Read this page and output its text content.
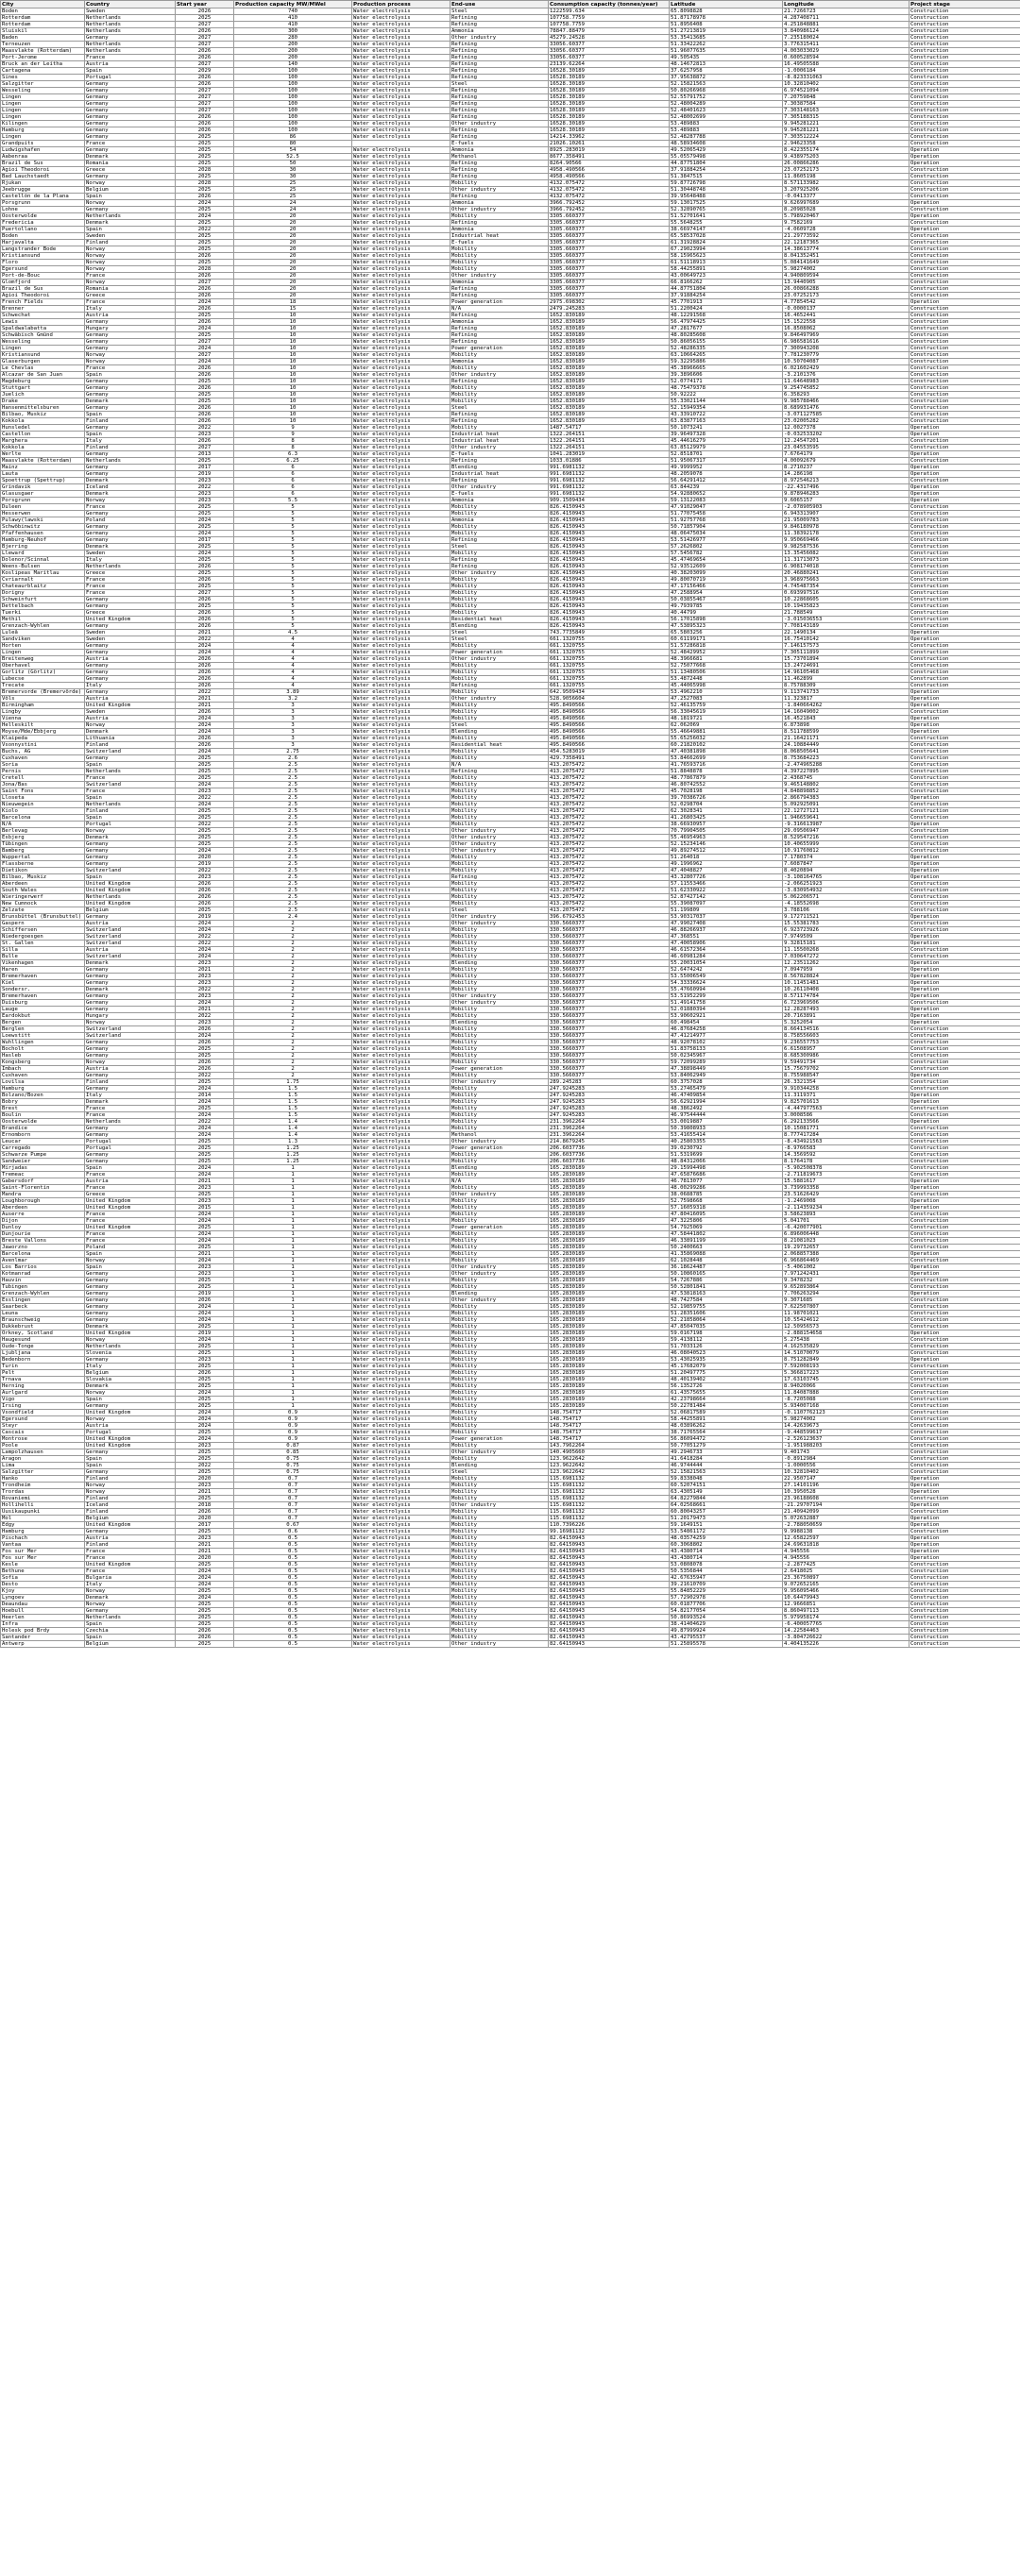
City	Country	Start year	Production capacity MW/MWel	Production process	End-use	Consumption capacity (tonnes/year)	Latitude	Longitude	Project stage
Boden	Sweden	2026	740	Water electrolysis	Steel	1222599.634	65.8098828	21.7266723	Construction
Rotterdam	Netherlands	2025	410	Water electrolysis	Refining	107758.7759	51.87178978	4.287408711	Construction
Rotterdam	Netherlands	2027	410	Water electrolysis	Refining	107758.7759	51.8956408	4.251848881	Construction
Sluiskil	Netherlands	2026	300	Water electrolysis	Ammonia	78847.88479	51.27213819	3.840986124	Construction
Baden	Germany	2027	280	Water electrolysis	Other industry	45279.24528	53.35413685	7.235180024	Construction
Terneuzen	Netherlands	2027	200	Water electrolysis	Refining	33056.60377	51.33422262	3.776315411	Construction
Maasvlakte (Rotterdam)	Netherlands	2026	200	Water electrolysis	Refining	33056.60377	51.96077635	4.003033029	Construction
Port-Jerome	France	2026	200	Water electrolysis	Refining	33056.60377	49.505435	0.600528594	Construction
Bruck an der Leitha	Austria	2027	140	Water electrolysis	Refining	23139.62264	48.14672813	16.49505588	Construction
Cartagena	Spain	2029	100	Water electrolysis	Refining	16528.30189	37.6257958	-1.0006184	Construction
Sines	Portugal	2026	100	Water electrolysis	Refining	16528.30189	37.95638872	-8.823331063	Construction
Salzgitter	Germany	2026	100	Water electrolysis	Steel	16528.30189	52.15821563	10.32810402	Construction
Wesseling	Germany	2027	100	Water electrolysis	Refining	16528.30189	50.80266968	6.974521094	Construction
Lingen	Germany	2027	100	Water electrolysis	Refining	16528.30189	52.55791752	7.20759848	Construction
Lingen	Germany	2027	100	Water electrolysis	Refining	16528.30189	52.48004289	7.30387584	Construction
Lingen	Germany	2027	100	Water electrolysis	Refining	16528.30189	52.48401623	7.303148163	Construction
Lingen	Germany	2026	100	Water electrolysis	Refining	16528.30189	52.48002699	7.305188315	Construction
Kilingen	Germany	2026	100	Water electrolysis	Other industry	16528.30189	53.489883	9.945281221	Construction
Hamburg	Germany	2026	100	Water electrolysis	Refining	16528.30189	53.489883	9.945281221	Construction
Lingen	Germany	2025	86	Water electrolysis	Refining	14214.33962	52.48287788	7.303512224	Construction
Grandpuits	France	2025	80		E-fuels	21026.10261	48.58934608	2.94623358	Construction
Ludwigshafen	Germany	2025	54	Water electrolysis	Ammonia	8925.283019	49.52065429	8.422355174	Operation
Aabenraa	Denmark	2025	52.5	Water electrolysis	Methanol	8677.358491	55.05579498	9.438975203	Operation
Brazil de Sus	Romania	2025	50	Water electrolysis	Refining	8264.90566	44.87751804	26.00866286	Operation
Agioi Theodoroi	Greece	2028	30	Water electrolysis	Refining	4958.490566	37.91884254	23.07252173	Construction
Bad Lauchstaedt	Germany	2025	30	Water electrolysis	Refining	4958.490566	51.3847515	11.8605198	Construction
Rjukan	Norway	2028	25	Water electrolysis	Mobility	4132.075472	59.87726798	8.571133982	Construction
Jeebrugge	Belgium	2025	25	Water electrolysis	Other industry	4132.075472	51.30448748	3.207925206	Construction
Castellón de la Plana	Spain	2026	25	Water electrolysis	Refining	4132.075472	39.95648488	-0.0413377	Construction
Porsgrunn	Norway	2024	24	Water electrolysis	Ammonia	3966.792452	59.13017525	9.626997689	Operation
Lohne	Germany	2025	24	Water electrolysis	Other industry	3966.792452	52.32890765	8.20985028	Construction
Oosterwolde	Netherlands	2024	20	Water electrolysis	Mobility	3305.660377	51.52701641	5.798920467	Operation
Fredericia	Denmark	2025	20	Water electrolysis	Refining	3305.660377	55.5648255	9.7582169	Construction
Puertollano	Spain	2022	20	Water electrolysis	Ammonia	3305.660377	38.66974147	-4.0609728	Operation
Boden	Sweden	2025	20	Water electrolysis	Industrial heat	3305.660377	65.58537028	21.29773592	Construction
Harjavalta	Finland	2025	20	Water electrolysis	E-fuels	3305.660377	61.31928824	22.12187365	Construction
Langstrander Bode	Norway	2025	20	Water electrolysis	Mobility	3305.660377	67.29023994	14.38613774	Construction
Kristiansund	Norway	2026	20	Water electrolysis	Mobility	3305.660377	58.15965623	8.041352451	Construction
Floro	Norway	2025	20	Water electrolysis	Mobility	3305.660377	61.51118913	5.084141649	Construction
Egersund	Norway	2028	20	Water electrolysis	Mobility	3305.660377	58.44255891	5.98274002	Construction
Port-de-Bouc	France	2026	20	Water electrolysis	Other industry	3305.660377	43.00649723	4.940809594	Construction
Glomfjord	Norway	2027	20	Water electrolysis	Ammonia	3305.660377	66.8166262	13.9440905	Construction
Brazil de Sus	Romania	2026	20	Water electrolysis	Refining	3305.660377	44.87751804	26.00866288	Construction
Agioi Theodoroi	Greece	2026	20	Water electrolysis	Refining	3305.660377	37.91884254	23.07252173	Construction
French Fields	France	2024	18	Water electrolysis	Power generation	2975.698302	45.7701913	4.77854542	Operation
Brenner	Italy	2026	15	Water electrolysis	N/A	2479.245283	51.2200424	-0.0000137	Construction
Schwechat	Austria	2025	10	Water electrolysis	Refining	1652.830189	48.12291568	16.4652441	Construction
Lewis	Germany	2026	10	Water electrolysis	Ammonia	1652.830189	56.47974425	15.1522558	Construction
Spaldwalabatta	Hungary	2024	10	Water electrolysis	Refining	1652.830189	47.2817677	16.8508062	Construction
Schwäbisch Gmünd	Germany	2025	10	Water electrolysis	Refining	1652.830189	48.80285608	9.846497969	Construction
Wesseling	Germany	2027	10	Water electrolysis	Refining	1652.830189	50.86056155	6.986581616	Construction
Lingen	Germany	2024	10	Water electrolysis	Power generation	1652.830189	52.48286335	7.300943208	Construction
Kristiansund	Norway	2027	10	Water electrolysis	Mobility	1652.830189	63.10664265	7.781230779	Construction
Glaserburgen	Norway	2024	10	Water electrolysis	Ammonia	1652.830189	59.32295886	10.50704087	Construction
Le Chevlas	France	2026	10	Water electrolysis	Mobility	1652.830189	45.38966665	6.021602429	Construction
Alcazar de San Juan	Spain	2026	10	Water electrolysis	Other industry	1652.830189	39.3896606	-3.2101376	Construction
Magdeburg	Germany	2025	10	Water electrolysis	Refining	1652.830189	52.0774171	11.64648983	Construction
Stuttgart	Germany	2026	10	Water electrolysis	Mobility	1652.830189	48.75479378	9.254745852	Construction
Juelich	Germany	2025	10	Water electrolysis	Mobility	1652.830189	50.92222	6.358293	Construction
Drake	Denmark	2025	10	Water electrolysis	Mobility	1652.830189	55.33021144	9.985788466	Construction
Hansenmittelsburen	Germany	2026	10	Water electrolysis	Steel	1652.830189	52.15949354	8.689931476	Construction
Bilbao, Muskiz	Spain	2026	10	Water electrolysis	Refining	1652.830189	43.33910722	-3.071127585	Construction
Kokkola	Finland	2026	10	Water electrolysis	Refining	1652.830189	63.83877163	23.02005282	Construction
Hunsledel	Germany	2022	9	Water electrolysis	Mobility	1487.54717	50.1073241	12.0027378	Operation
Castellon	Spain	2023	9	Water electrolysis	Industrial heat	1322.264151	39.96497328	-0.032533202	Operation
Marghera	Italy	2026	8	Water electrolysis	Industrial heat	1322.264151	45.44616279	12.24547201	Construction
Kokkola	Finland	2027	8	Water electrolysis	Other industry	1322.264151	63.85129979	23.04553595	Construction
Werlte	Germany	2013	6.3	Water electrolysis	E-fuels	1041.283019	52.8518701	7.6764179	Operation
Maasvlakte (Rotterdam)	Netherlands	2025	6.25	Water electrolysis	Refining	1033.01886	51.95067317	4.00092679	Construction
Mainz	Germany	2017	6	Water electrolysis	Blending	991.6981132	49.9999952	8.2710237	Operation
Lauta	Germany	2019	6	Water electrolysis	Industrial heat	991.6981132	48.2059078	14.286198	Operation
Spoettrup (Spettrup)	Denmark	2023	6	Water electrolysis	Refining	991.6981132	56.64291412	8.972546213	Construction
Grindavik	Iceland	2022	6	Water electrolysis	Other industry	991.6981132	63.844239	-22.4317496	Operation
Glasusgaer	Denmark	2023	6	Water electrolysis	E-fuels	991.6981132	54.92880652	9.878946283	Operation
Porsgrunn	Norway	2023	5.5	Water electrolysis	Ammonia	909.1509434	59.13122083	9.6065157	Operation
Duleen	France	2025	5	Water electrolysis	Mobility	826.4150943	47.91029047	-2.078905903	Construction
Hesserwen	Germany	2025	5	Water electrolysis	Mobility	826.4150943	51.77075458	6.943313907	Construction
Pulawy(lawski	Poland	2024	5	Water electrolysis	Ammonia	826.4150943	51.92757768	21.95009783	Construction
Schwöbinwitz	Germany	2025	5	Water electrolysis	Mobility	826.4150943	50.71857904	9.846180978	Construction
Pfaffenhausen	Germany	2024	5	Water electrolysis	Mobility	826.4150943	48.06475034	11.38392178	Construction
Hamburg-Neuhof	Germany	2017	5	Water electrolysis	Refining	826.4150943	53.51426977	9.950669466	Construction
Bjerring	Denmark	2025	5	Water electrolysis	Steel	826.4150943	57.2626802	9.982587536	Construction
Lleward	Sweden	2024	5	Water electrolysis	Mobility	826.4150943	57.5456782	13.35456082	Construction
Dolenor/Scinnal	Italy	2025	5	Water electrolysis	Refining	826.4150943	45.47469654	11.31713073	Construction
Weens-Bulsen	Netherlands	2026	5	Water electrolysis	Refining	826.4150943	52.93512609	6.908174018	Construction
Koslipeas Maritlau	Greece	2025	5	Water electrolysis	Other industry	826.4150943	40.38203099	20.46880241	Construction
Cvriarnalt	France	2026	5	Water electrolysis	Mobility	826.4150943	49.80070719	3.968975663	Construction
Chateaurblaitz	France	2025	5	Water electrolysis	Mobility	826.4150943	47.17156466	4.745487354	Construction
Dorigny	France	2027	5	Water electrolysis	Mobility	826.4150943	47.2588954	0.693997516	Construction
Schweinfurt	Germany	2026	5	Water electrolysis	Mobility	826.4150943	50.03855467	10.22868605	Construction
Dettelbach	Germany	2025	5	Water electrolysis	Mobility	826.4150943	49.7939785	10.19435823	Construction
Tuerki	Greece	2026	5	Water electrolysis	Mobility	826.4150943	40.44799	21.788549	Construction
Methil	United Kingdom	2026	5	Water electrolysis	Residential heat	826.4150943	56.17015898	-3.015036553	Construction
Grenzach-Wyhlen	Germany	2026	5	Water electrolysis	Blending	826.4150943	47.53895323	7.708143189	Construction
Luleå	Sweden	2021	4.5	Water electrolysis	Steel	743.7735849	65.5803256	22.1490134	Operation
Sandviken	Sweden	2022	4	Water electrolysis	Steel	661.1320755	60.61199171	16.75410142	Operation
Horten	Germany	2024	4	Water electrolysis	Mobility	661.1320755	51.57286818	7.146157573	Construction
Lingen	Germany	2024	4	Water electrolysis	Power generation	661.1320755	52.48429952	7.305111899	Construction
Breitenweg	Austria	2026	4	Water electrolysis	Other industry	661.1320755	48.3966681	15.73701894	Construction
Oberhavel	Germany	2026	4	Water electrolysis	Mobility	661.1320755	52.75077668	13.24724691	Construction
Gorlitz (Görlitz)	Germany	2026	4	Water electrolysis	Mobility	661.1320755	51.13480506	14.96105468	Construction
Lubecse	Germany	2026	4	Water electrolysis	Mobility	661.1320755	53.4872448	11.462899	Construction
Trecate	Italy	2026	4	Water electrolysis	Refining	661.1320755	45.44065998	8.75788309	Construction
Bremervorde (Bremervörde)	Germany	2022	3.89	Water electrolysis	Mobility	642.9509434	53.4962210	9.113741733	Operation
Völs	Austria	2021	3.2	Water electrolysis	Other industry	528.9056604	47.2527083	11.323817	Operation
Birmingham	United Kingdom	2021	3	Water electrolysis	Mobility	495.8490566	52.46135759	-1.840664262	Operation
Lingby	Sweden	2026	3	Water electrolysis	Mobility	495.8490566	56.33045619	14.16049002	Construction
Vienna	Austria	2024	3	Water electrolysis	Mobility	495.8490566	48.1819721	16.4521843	Operation
Helleskilt	Norway	2024	3	Water electrolysis	Steel	495.8490566	62.062069	6.873898	Operation
Moyse/Mde/Ebbjerg	Denmark	2024	3	Water electrolysis	Blending	495.8490566	55.46649881	8.511788599	Operation
Klaipeda	Lithuania	2026	3	Water electrolysis	Mobility	495.8490566	55.65256032	21.16421171	Construction
Vsonnystini	Finland	2026	3	Water electrolysis	Residential heat	495.8490566	60.21820102	24.10884449	Construction
Buchs, AG	Switzerland	2024	2.75	Water electrolysis	Mobility	454.5283019	47.40381898	8.068505641	Construction
Cuxhaven	Germany	2025	2.6	Water electrolysis	Mobility	429.7358491	53.84662699	8.753684223	Construction
Soria	Spain	2025	2.5	Water electrolysis	N/A	413.2075472	41.76593716	-2.474965288	Construction
Pernis	Netherlands	2025	2.5	Water electrolysis	Refining	413.2075472	51.8848878	4.397227895	Construction
Cretell	France	2025	2.5	Water electrolysis	Mobility	413.2075472	48.77867879	2.4368745	Construction
Jona/Bas	Switzerland	2024	2.5	Water electrolysis	Mobility	413.2075472	46.80742552	9.465148802	Construction
Saint Fons	France	2023	2.5	Water electrolysis	Mobility	413.2075472	45.7028198	4.848898852	Construction
Lloseta	Spain	2022	2.5	Water electrolysis	Mobility	413.2075472	39.70386726	2.866794383	Operation
Nieuwegein	Netherlands	2024	2.5	Water electrolysis	Mobility	413.2075472	52.0298704	5.092925091	Construction
Kiolo	Finland	2025	2.5	Water electrolysis	Mobility	413.2075472	62.3028341	22.12727121	Construction
Barcelona	Spain	2025	2.5	Water electrolysis	Mobility	413.2075472	41.26803425	1.946659641	Construction
N/A	Portugal	2022	2.5	Water electrolysis	Mobility	413.2075472	38.66930957	-9.316613987	Operation
Berlevag	Norway	2025	2.5	Water electrolysis	Other industry	413.2075472	70.79904505	29.09506947	Construction
Esbjerg	Denmark	2025	2.5	Water electrolysis	Other industry	413.2075472	55.46954963	8.529547216	Construction
Tübingen	Germany	2025	2.5	Water electrolysis	Other industry	413.2075472	52.15234146	10.40655999	Construction
Bamberg	Germany	2024	2.5	Water electrolysis	Other industry	413.2075472	49.89274512	10.91760812	Construction
Wuppertal	Germany	2020	2.5	Water electrolysis	Mobility	413.2075472	51.264018	7.1780374	Operation
Flassberne	Germany	2019	2.5	Water electrolysis	Mobility	413.2075472	49.1996962	7.6087847	Operation
Dietikon	Switzerland	2022	2.5	Water electrolysis	Mobility	413.2075472	47.4048827	8.4020894	Operation
Bilbao, Muskiz	Spain	2023	2.5	Water electrolysis	Refining	413.2075472	43.32807726	-3.108164765	Operation
Aberdeen	United Kingdom	2026	2.5	Water electrolysis	Mobility	413.2075472	57.11553466	-2.066251923	Construction
South Wales	United Kingdom	2026	2.5	Water electrolysis	Mobility	413.2075472	51.62330922	-3.830954932	Construction
Wieringerwerf	Netherlands	2026	2.5	Water electrolysis	Mobility	413.2075472	52.87427142	5.062206571	Construction
New Cumnock	United Kingdom	2026	2.5	Water electrolysis	Mobility	413.2075472	55.39087097	-4.18552698	Construction
Zelzate	Belgium	2025	2.5	Water electrolysis	Steel	413.2075472	51.199809	3.788106	Construction
Brunsbüttel (Brunsbuttel)	Germany	2019	2.4	Water electrolysis	Other industry	396.6792453	53.90317037	9.172711521	Operation
Gaspern	Austria	2024	2	Water electrolysis	Other industry	330.5660377	47.99027408	15.55381783	Construction
Schiffersen	Switzerland	2024	2	Water electrolysis	Mobility	330.5660377	46.88266937	6.923723926	Construction
Niedergoesgen	Switzerland	2022	2	Water electrolysis	Mobility	330.5660377	47.368551	7.9749509	Operation
St. Gallen	Switzerland	2022	2	Water electrolysis	Mobility	330.5660377	47.40058906	9.32815181	Operation
Silla	Austria	2024	2	Water electrolysis	Mobility	330.5660377	46.61572364	11.15500268	Construction
Bulle	Switzerland	2024	2	Water electrolysis	Mobility	330.5660377	46.60981284	7.030647272	Construction
Vikenhagen	Denmark	2023	2	Water electrolysis	Blending	330.5660377	55.20031054	12.23511262	Operation
Haren	Germany	2021	2	Water electrolysis	Mobility	330.5660377	52.6474242	7.0947959	Operation
Bremerhaven	Germany	2023	2	Water electrolysis	Mobility	330.5660377	53.55006549	8.567828824	Operation
Kiel	Germany	2023	2	Water electrolysis	Mobility	330.5660377	54.33336624	10.11451481	Operation
Sondersr.	Denmark	2022	2	Water electrolysis	Mobility	330.5660377	55.47660994	10.26110408	Operation
Bremerhaven	Germany	2023	2	Water electrolysis	Other industry	330.5660377	53.51952299	8.571174784	Operation
Duisburg	Germany	2024	2	Water electrolysis	Other industry	330.5660377	51.49141758	6.723969506	Construction
Lauge	Germany	2021	2	Water electrolysis	Mobility	330.5660377	52.01880394	12.28287493	Operation
Eardokbut	Hungary	2022	2	Water electrolysis	Mobility	330.5660377	53.90602921	20.7163891	Operation
Bergen	Norway	2023	2	Water electrolysis	Blending	330.5660377	60.498454	5.3252054	Operation
Berglen	Switzerland	2026	2	Water electrolysis	Mobility	330.5660377	46.87684258	8.664134516	Construction
Loewstitt	Switzerland	2024	2	Water electrolysis	Mobility	330.5660377	47.41214977	8.758556603	Construction
Wuhllingen	Germany	2026	2	Water electrolysis	Mobility	330.5660377	48.92078102	9.236557753	Construction
Bocholt	Germany	2025	2	Water electrolysis	Mobility	330.5660377	51.83758133	6.61508957	Construction
Hasleb	Germany	2025	2	Water electrolysis	Mobility	330.5660377	50.02345967	8.685300986	Construction
Kongsberg	Norway	2026	2	Water electrolysis	Mobility	330.5660377	59.72099289	9.59491734	Construction
Imbach	Austria	2026	2	Water electrolysis	Power generation	330.5660377	47.38898449	15.75679702	Construction
Cuxhaven	Germany	2022	2	Water electrolysis	Mobility	330.5660377	53.84062949	8.755988547	Operation
Lovilsa	Finland	2025	1.75	Water electrolysis	Other industry	289.245283	60.3757028	26.3321354	Construction
Hamburg	Germany	2024	1.5	Water electrolysis	Mobility	247.9245283	53.27465479	9.910344258	Construction
Bolzano/Bozen	Italy	2014	1.5	Water electrolysis	Mobility	247.9245283	46.47409854	11.3119371	Operation
Bobry	Denmark	2024	1.5	Water electrolysis	Mobility	247.9245283	56.62921994	9.825701613	Operation
Brest	France	2025	1.5	Water electrolysis	Mobility	247.9245283	48.3862492	-4.447977563	Construction
Boulin	France	2024	1.5	Water electrolysis	Mobility	247.9245283	46.97544444	3.0008586	Construction
Oosterwolde	Netherlands	2022	1.4	Water electrolysis	Mobility	231.3962264	53.0019887	6.292133566	Operation
Brandice	Germany	2024	1.4	Water electrolysis	Mobility	231.3962264	50.39808933	10.15081771	Construction
Ernomborn	Germany	2024	1.4	Water electrolysis	Methanol	231.3962264	53.41655414	8.777417284	Construction
Leucar	Portugal	2025	1.3	Water electrolysis	Other industry	214.8679245	40.25803355	-8.434921563	Construction
Carregado	Portugal	2025	1.25	Water electrolysis	Power generation	206.6037736	39.0230792	-8.9766583	Construction
Schwarze Pumpe	Germany	2025	1.25	Water electrolysis	Mobility	206.6037736	51.5319699	14.3569592	Construction
Sandweier	Germany	2025	1.25	Water electrolysis	Mobility	206.6037736	48.84312066	8.1764178	Construction
Mirjadas	Spain	2024	1	Water electrolysis	Blending	165.2830189	29.15994498	-5.902508378	Construction
Tremeac	France	2024	1	Water electrolysis	Mobility	165.2830189	47.65876686	-2.711819673	Construction
Gabersdorf	Austria	2021	1	Water electrolysis	N/A	165.2830189	46.7813077	15.5881617	Operation
Saint-Florentin	France	2023	1	Water electrolysis	Mobility	165.2830189	48.00299286	3.739993358	Operation
Mandra	Greece	2025	1	Water electrolysis	Other industry	165.2830189	38.0688785	23.51626429	Construction
Loughborough	United Kingdom	2023	1	Water electrolysis	Mobility	165.2830189	52.7598668	-1.2469008	Operation
Aberdeen	United Kingdom	2015	1	Water electrolysis	Mobility	165.2830189	57.16059318	-2.114359234	Operation
Auserre	France	2024	1	Water electrolysis	Mobility	165.2830189	47.80416095	3.58623893	Construction
Dijon	France	2024	1	Water electrolysis	Mobility	165.2830189	47.3225806	5.041701	Construction
Dunloy	United Kingdom	2025	1	Water electrolysis	Power generation	165.2830189	54.7925069	-6.420077901	Construction
Dunjourie	France	2024	1	Water electrolysis	Mobility	165.2830189	47.58441802	6.896006448	Construction
Breste Vallons	France	2024	1	Water electrolysis	Mobility	165.2830189	46.33891199	8.21081023	Construction
Jaworzno	Poland	2025	1	Water electrolysis	Mobility	165.2830189	50.2400663	19.29732657	Construction
Barcelona	Spain	2021	1	Water electrolysis	Mobility	165.2830189	41.35869088	2.068857388	Operation
Avenlmar	Norway	2024	1	Water electrolysis	Mobility	165.2830189	62.1028448	6.966864469	Construction
Los Barrios	Spain	2023	1	Water electrolysis	Other industry	165.2830189	36.18624487	-5.4061002	Operation
Kotmanrad	Germany	2023	1	Water electrolysis	Other industry	165.2830189	50.10860165	7.971242431	Operation
Hauvin	Germany	2025	1	Water electrolysis	Mobility	165.2830189	54.7267886	9.3478232	Construction
Tubingen	Germany	2025	1	Water electrolysis	Mobility	165.2830189	50.52801841	9.652893864	Construction
Grenzach-Wyhlen	Germany	2019	1	Water electrolysis	Blending	165.2830189	47.53818163	7.706263294	Operation
Esslingen	Germany	2026	1	Water electrolysis	Other industry	165.2830189	48.7427584	9.3071685	Construction
Saarbeck	Germany	2024	1	Water electrolysis	Mobility	165.2830189	52.19859755	7.622507807	Construction
Leuna	Germany	2024	1	Water electrolysis	Mobility	165.2830189	51.28351606	11.98701021	Construction
Braunschweig	Germany	2024	1	Water electrolysis	Mobility	165.2830189	52.21858064	10.55424612	Construction
Dukkebrust	Denmark	2025	1	Water electrolysis	Mobility	165.2830189	47.85047035	12.50956573	Construction
Orkney, Scotland	United Kingdom	2019	1	Water electrolysis	Mobility	165.2830189	59.0167198	-2.888154658	Operation
Haugesund	Norway	2024	1	Water electrolysis	Mobility	165.2830189	59.4138112	5.275438	Construction
Oude-Tonge	Netherlands	2025	1	Water electrolysis	Mobility	165.2830189	51.7033126	4.162535829	Construction
Ljubljana	Slovenia	2025	1	Water electrolysis	Mobility	165.2830189	46.08040523	14.51070079	Construction
Bedenborn	Germany	2023	1	Water electrolysis	Mobility	165.2830189	53.43025935	8.751282849	Operation
Turin	Italy	2025	1	Water electrolysis	Mobility	165.2830189	45.17682079	7.592008193	Construction
Pelt	Belgium	2026	1	Water electrolysis	Mobility	165.2830189	51.20497775	5.366817223	Construction
Trnava	Slovakia	2025	1	Water electrolysis	Mobility	165.2830189	48.40139402	17.63103745	Construction
Herning	Denmark	2025	1	Water electrolysis	Mobility	165.2830189	56.1352726	8.94020066	Construction
Aurlgard	Norway	2024	1	Water electrolysis	Mobility	165.2830189	61.43575655	11.84087888	Construction
Vigo	Spain	2025	1	Water electrolysis	Mobility	165.2830189	42.23798664	-8.7205088	Construction
Irsing	Germany	2025	1	Water electrolysis	Mobility	165.2830189	50.22781484	5.934007168	Construction
Vsondfield	United Kingdom	2024	0.9	Water electrolysis	Mobility	148.754717	52.06817589	-0.1107762123	Construction
Egersund	Norway	2024	0.9	Water electrolysis	Mobility	148.754717	58.44255891	5.98274002	Construction
Steyr	Austria	2024	0.9	Water electrolysis	Mobility	148.754717	48.03896262	14.42639673	Construction
Cascais	Portugal	2025	0.9	Water electrolysis	Mobility	148.754717	38.71765564	-9.448599617	Construction
Montrose	United Kingdom	2024	0.9	Water electrolysis	Power generation	148.754717	56.86094472	-2.526123637	Construction
Poole	United Kingdom	2023	0.87	Water electrolysis	Mobility	143.7962264	50.77051279	-1.951988203	Construction
Lampolzhausen	Germany	2025	0.85	Water electrolysis	Other industry	140.4905660	49.2946733	9.401743	Construction
Aragon	Spain	2025	0.75	Water electrolysis	Mobility	123.9622642	41.6418284	-0.8912984	Construction
Lima	Spain	2022	0.75	Water electrolysis	Blending	123.9622642	46.9744444	-1.0000556	Construction
Salzgitter	Germany	2025	0.75	Water electrolysis	Steel	123.9622642	52.15821563	10.32810402	Construction
Hanko	Finland	2020	0.7	Water electrolysis	Mobility	115.6981132	59.8338048	22.9507147	Operation
Trondheim	Norway	2023	0.7	Water electrolysis	Mobility	115.6981132	60.52074151	27.14101196	Operation
Trordas	Norway	2021	0.7	Water electrolysis	Mobility	115.6981132	63.4305149	10.3950528	Operation
Rovaniemi	Finland	2025	0.7	Water electrolysis	Mobility	115.6981132	64.82279844	23.96188608	Construction
Hollihelli	Iceland	2018	0.7	Water electrolysis	Other industry	115.6981132	64.02568661	-21.29707194	Operation
Uusikaupunki	Finland	2026	0.7	Water electrolysis	Mobility	115.6981132	60.80043257	21.40942099	Construction
Mol	Belgium	2020	0.7	Water electrolysis	Mobility	115.6981132	51.20179473	5.072632887	Operation
Edgy	United Kingdom	2017	0.67	Water electrolysis	Mobility	110.7396226	59.1649151	-2.788050659	Operation
Hamburg	Germany	2025	0.6	Water electrolysis	Mobility	99.16981132	53.54861172	9.9988138	Construction
Pischach	Austria	2023	0.5	Water electrolysis	Mobility	82.64150943	48.03574259	12.65822597	Operation
Vantaa	Finland	2021	0.5	Water electrolysis	Mobility	82.64150943	60.3068802	24.69631818	Operation
Fos sur Mer	France	2021	0.5	Water electrolysis	Mobility	82.64150943	43.4380714	4.945556	Operation
Fos sur Mer	France	2020	0.5	Water electrolysis	Mobility	82.64150943	43.4380714	4.945556	Operation
Kesle	United Kingdom	2025	0.5	Water electrolysis	Mobility	82.64150943	53.0808078	-2.2877425	Construction
Bethune	France	2024	0.5	Water electrolysis	Mobility	82.64150943	50.5356844	2.6418025	Construction
Sofia	Bulgaria	2024	0.5	Water electrolysis	Mobility	82.64150943	42.67635947	23.36750897	Construction
Desto	Italy	2024	0.5	Water electrolysis	Mobility	82.64150943	39.21610709	9.072652165	Construction
Kjoy	Norway	2025	0.5	Water electrolysis	Mobility	82.64150943	55.84852229	9.956095466	Construction
Lyngoev	Denmark	2024	0.5	Water electrolysis	Mobility	82.64150943	57.72902978	10.64479943	Construction
Deaundau	Norway	2025	0.5	Water electrolysis	Mobility	82.64150943	60.01877706	12.9666851	Construction
Hoebull	Germany	2025	0.5	Water electrolysis	Mobility	82.64150943	54.82177054	8.860497113	Construction
Heerlen	Netherlands	2025	0.5	Water electrolysis	Mobility	82.64150943	50.86993524	5.979958174	Construction
Infra	Spain	2025	0.5	Water electrolysis	Mobility	82.64150943	38.41404629	-6.400057765	Construction
Holesk pod Brdy	Czechia	2026	0.5	Water electrolysis	Mobility	82.64150943	49.87999924	14.22584463	Construction
Santander	Spain	2026	0.5	Water electrolysis	Mobility	82.64150943	43.42795537	-3.804726622	Construction
Antwerp	Belgium	2025	0.5	Water electrolysis	Other industry	82.64150943	51.25895578	4.404135226	Construction
